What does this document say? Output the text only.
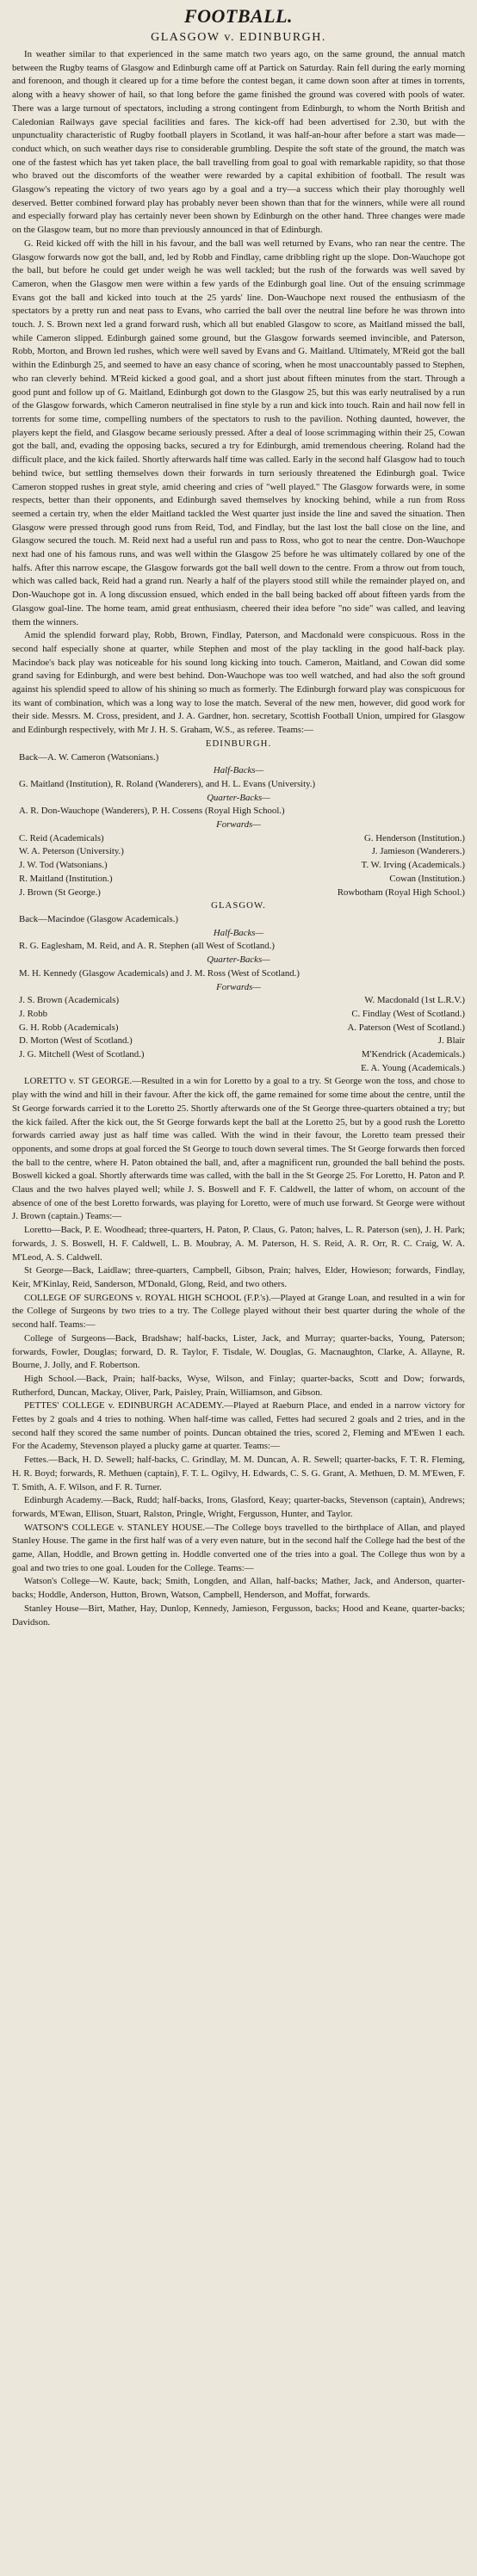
FOOTBALL.
GLASGOW v. EDINBURGH.

In weather similar to that experienced in the same match two years ago, on the same ground, the annual match between the Rugby teams of Glasgow and Edinburgh came off at Partick on Saturday. Rain fell during the early morning and forenoon, and though it cleared up for a time before the contest began, it came down soon after at times in torrents, along with a heavy shower of hail, so that long before the game finished the ground was covered with pools of water. There was a large turnout of spectators, including a strong contingent from Edinburgh, to whom the North British and Caledonian Railways gave special facilities and fares. The kick-off had been advertised for 2.30, but with the unpunctuality characteristic of Rugby football players in Scotland, it was half-an-hour after before a start was made—conduct which, on such weather days rise to considerable grumbling. Despite the soft state of the ground, the match was one of the fastest which has yet taken place, the ball travelling from goal to goal with remarkable rapidity, so that those who braved out the discomforts of the weather were rewarded by a capital exhibition of football. The result was Glasgow's repeating the victory of two years ago by a goal and a try—a success which their play thoroughly well deserved. Better combined forward play has probably never been shown than that for the winners, while were all round and especially forward play has certainly never been shown by Edinburgh on the other hand. Three changes were made on the Glasgow team, but no more than previously announced in that of Edinburgh.

G. Reid kicked off with the hill in his favour, and the ball was well returned by Evans, who ran near the centre. The Glasgow forwards now got the ball, and, led by Robb and Findlay, came dribbling right up the slope. Don-Wauchope got the ball, but before he could get under weigh he was well tackled; but the rush of the forwards was well saved by Cameron, when the Glasgow men were within a few yards of the Edinburgh goal line. Out of the ensuing scrimmage Evans got the ball and kicked into touch at the 25 yards' line. Don-Wauchope next roused the enthusiasm of the spectators by a pretty run and neat pass to Evans, who carried the ball over the neutral line before he was thrown into touch. J. S. Brown next led a grand forward rush, which all but enabled Glasgow to score, as Maitland missed the ball, while Cameron slipped. Edinburgh gained some ground, but the Glasgow forwards seemed invincible, and Paterson, Robb, Morton, and Brown led rushes, which were well saved by Evans and G. Maitland. Ultimately, M'Reid got the ball within the Edinburgh 25, and seemed to have an easy chance of scoring, when he most unaccountably passed to Stephen, who ran cleverly behind. M'Reid kicked a good goal, and a short just about fifteen minutes from the start. Through a good punt and follow up of G. Maitland, Edinburgh got down to the Glasgow 25, but this was early neutralised by a run of the Glasgow forwards, which Cameron neutralised in fine style by a run and kick into touch. Rain and hail now fell in torrents for some time, compelling numbers of the spectators to rush to the pavilion. Nothing daunted, however, the players kept the field, and Glasgow became seriously pressed. After a deal of loose scrimmaging within their 25, Cowan got the ball, and, evading the opposing backs, secured a try for Edinburgh, amid tremendous cheering. Roland had the difficult place, and the kick failed. Shortly afterwards half time was called. Early in the second half Glasgow had to touch behind twice, but settling themselves down their forwards in turn seriously threatened the Edinburgh goal. Twice Cameron stopped rushes in great style, amid cheering and cries of "well played." The Glasgow forwards were, in some respects, better than their opponents, and Edinburgh saved themselves by knocking behind, while a run from Ross seemed a certain try, when the elder Maitland tackled the West quarter just inside the line and saved the situation. Then Glasgow were pressed through good runs from Reid, Tod, and Findlay, but the last lost the ball close on the line, and Glasgow secured the touch. M. Reid next had a useful run and pass to Ross, who got to near the centre. Don-Wauchope next had one of his famous runs, and was well within the Glasgow 25 before he was ultimately collared by one of the halfs. After this narrow escape, the Glasgow forwards got the ball well down to the centre. From a throw out from touch, which was called back, Reid had a grand run. Nearly a half of the players stood still while the remainder played on, and Don-Wauchope got in. A long discussion ensued, which ended in the ball being backed off about fifteen yards from the Glasgow goal-line. The home team, amid great enthusiasm, cheered their idea before "no side" was called, and leaving them the winners.

Amid the splendid forward play, Robb, Brown, Findlay, Paterson, and Macdonald were conspicuous. Ross in the second half especially shone at quarter, while Stephen and most of the play tackling in the good half-back play. Macindoe's back play was noticeable for his sound long kicking into touch. Cameron, Maitland, and Cowan did some grand saving for Edinburgh, and were best behind. Don-Wauchope was too well watched, and had also the soft ground against his splendid speed to allow of his shining so much as formerly. The Edinburgh forward play was conspicuous for its want of combination, which was a long way to lose the match. Several of the new men, however, did good work for their side. Messrs. M. Cross, president, and J. A. Gardner, hon. secretary, Scottish Football Union, umpired for Glasgow and Edinburgh respectively, with Mr J. H. S. Graham, W.S., as referee. Teams:—

EDINBURGH.

Back—A. W. Cameron (Watsonians.)

Half-Backs—

G. Maitland (Institution), R. Roland (Wanderers), and H. L. Evans (University.)

Quarter-Backs—

A. R. Don-Wauchope (Wanderers), P. H. Cossens (Royal High School.)

Forwards—

C. Reid (Academicals)	G. Henderson (Institution.)
W. A. Peterson (University.)	J. Jamieson (Wanderers.)
J. W. Tod (Watsonians.)	T. W. Irving (Academicals.)
R. Maitland (Institution.)	Cowan (Institution.)
J. Brown (St George.)	Rowbotham (Royal High School.)

GLASGOW.

Back—Macindoe (Glasgow Academicals.)

Half-Backs—

R. G. Eaglesham, M. Reid, and A. R. Stephen (all West of Scotland.)

Quarter-Backs—

M. H. Kennedy (Glasgow Academicals) and J. M. Ross (West of Scotland.)

Forwards—

J. S. Brown (Academicals)	W. Macdonald (1st L.R.V.)
J. Robb	C. Findlay (West of Scotland.)
G. H. Robb (Academicals)	A. Paterson (West of Scotland.)
D. Morton (West of Scotland.)	J. Blair
J. G. Mitchell (West of Scotland.)	M'Kendrick (Academicals.)
E. A. Young (Academicals.)

LORETTO v. ST GEORGE.—Resulted in a win for Loretto by a goal to a try. St George won the toss, and chose to play with the wind and hill in their favour. After the kick off, the game remained for some time about the centre, until the St George forwards carried it to the Loretto 25. Shortly afterwards one of the St George three-quarters obtained a try; but the kick failed. After the kick out, the St George forwards kept the ball at the Loretto 25, but by a good rush the Loretto forwards carried away just as half time was called. With the wind in their favour, the Loretto team pressed their opponents, and some drops at goal forced the St George to touch down several times. The St George forwards then forced the ball to the centre, where H. Paton obtained the ball, and, after a magnificent run, grounded the ball behind the posts. Boswell kicked a goal. Shortly afterwards time was called, with the ball in the St George 25. For Loretto, H. Paton and P. Claus and the two halves played well; while J. S. Boswell and F. F. Caldwell, the latter of whom, on account of the absence of one of the best Loretto forwards, was playing for Loretto, were of much use forward. St George were without J. Brown (captain.) Teams:—

Loretto—Back, P. E. Woodhead; three-quarters, H. Paton, P. Claus, G. Paton; halves, L. R. Paterson (sen), J. H. Park; forwards, J. S. Boswell, H. F. Caldwell, L. B. Moubray, A. M. Paterson, H. S. Reid, A. R. Orr, R. C. Craig, W. A. M'Leod, A. S. Caldwell.

St George—Back, Laidlaw; three-quarters, Campbell, Gibson, Prain; halves, Elder, Howieson; forwards, Findlay, Keir, M'Kinlay, Reid, Sanderson, M'Donald, Glong, Reid, and two others.

COLLEGE OF SURGEONS v. ROYAL HIGH SCHOOL (F.P.'s).—Played at Grange Loan, and resulted in a win for the College of Surgeons by two tries to a try. The College played without their best quarter during the whole of the second half. Teams:—

College of Surgeons—Back, Bradshaw; half-backs, Lister, Jack, and Murray; quarter-backs, Young, Paterson; forwards, Fowler, Douglas; forward, D. R. Taylor, F. Tisdale, W. Douglas, G. Macnaughton, Clarke, A. Allayne, R. Bourne, J. Jolly, and F. Robertson.

High School.—Back, Prain; half-backs, Wyse, Wilson, and Finlay; quarter-backs, Scott and Dow; forwards, Rutherford, Duncan, Mackay, Oliver, Park, Paisley, Prain, Williamson, and Gibson.

PETTES' COLLEGE v. EDINBURGH ACADEMY.—Played at Raeburn Place, and ended in a narrow victory for Fettes by 2 goals and 4 tries to nothing. When half-time was called, Fettes had secured 2 goals and 2 tries, and in the second half they scored the same number of points. Duncan obtained the tries, scored 2, Fleming and M'Ewen 1 each. For the Academy, Stevenson played a plucky game at quarter. Teams:—

Fettes.—Back, H. D. Sewell; half-backs, C. Grindlay, M. M. Duncan, A. R. Sewell; quarter-backs, F. T. R. Fleming, H. R. Boyd; forwards, R. Methuen (captain), F. T. L. Ogilvy, H. Edwards, C. S. G. Grant, A. Methuen, D. M. M'Ewen, F. T. Smith, A. F. Wilson, and F. R. Turner.

Edinburgh Academy.—Back, Rudd; half-backs, Irons, Glasford, Keay; quarter-backs, Stevenson (captain), Andrews; forwards, M'Ewan, Ellison, Stuart, Ralston, Pringle, Wright, Fergusson, Hunter, and Taylor.

WATSON'S COLLEGE v. STANLEY HOUSE.—The College boys travelled to the birthplace of Allan, and played Stanley House. The game in the first half was of a very even nature, but in the second half the College had the best of the game, Allan, Hoddle, and Brown getting in. Hoddle converted one of the tries into a goal. The College thus won by a goal and two tries to one goal. Louden for the College. Teams:—

Watson's College—W. Kaute, back; Smith, Longden, and Allan, half-backs; Mather, Jack, and Anderson, quarter-backs; Hoddle, Anderson, Hutton, Brown, Watson, Campbell, Henderson, and Moffat, forwards.

Stanley House—Birt, Mather, Hay, Dunlop, Kennedy, Jamieson, Fergusson, backs; Hood and Keane, quarter-backs; Davidson.
